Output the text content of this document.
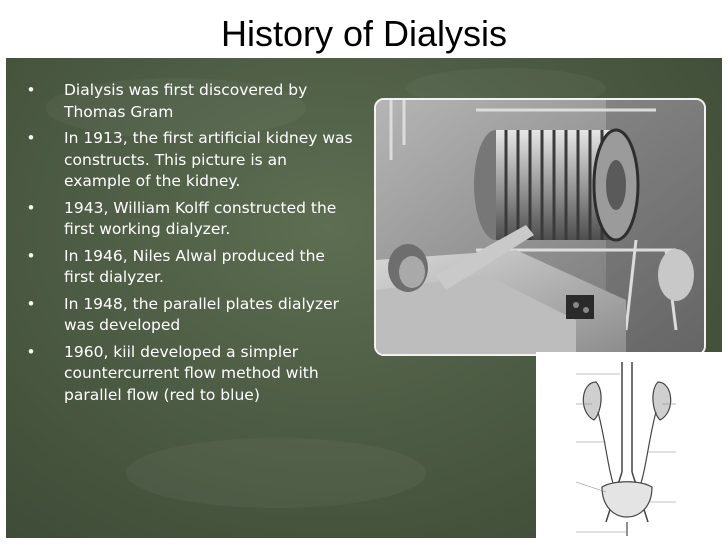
History of Dialysis
• Dialysis was first discovered by Thomas Gram
• In 1913, the first artificial kidney was constructs. This picture is an example of the kidney.
• 1943, William Kolff constructed the first working dialyzer.
• In 1946, Niles Alwal produced the first dialyzer.
• In 1948, the parallel plates dialyzer was developed
• 1960, kiil developed a simpler countercurrent flow method with parallel flow (red to blue)
